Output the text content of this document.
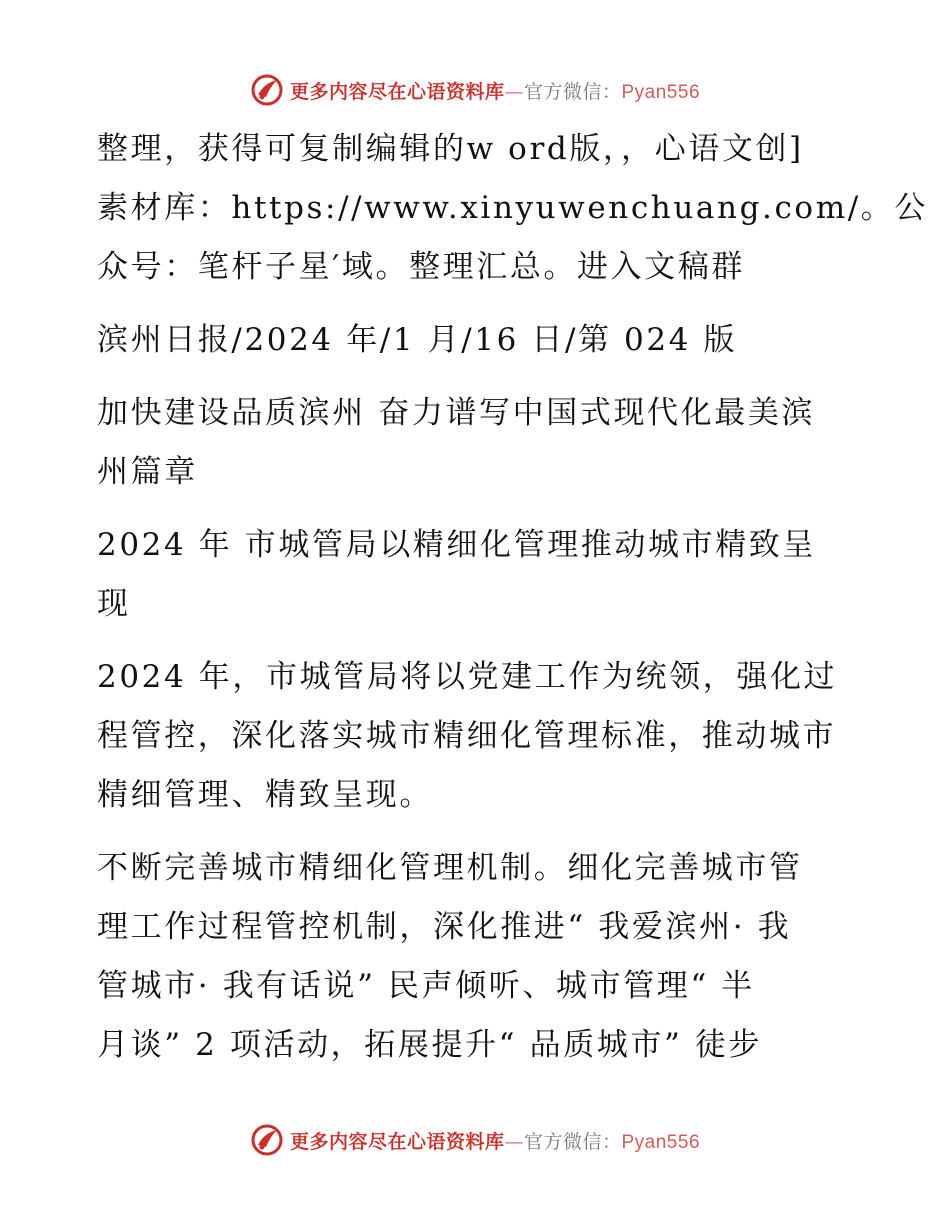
更多内容尽在心语资料库—官方微信：Pyan556

整理，获得可复制编辑的w ord版，，心语文创]
素材库：https://www.xinyuwenchuang.com/。公
众号：笔杆子星′域。整理汇总。进入文稿群

滨州日报/2024 年/1 月/16 日/第 024 版

加快建设品质滨州 奋力谱写中国式现代化最美滨
州篇章

2024 年 市城管局以精细化管理推动城市精致呈
现

2024 年，市城管局将以党建工作为统领，强化过
程管控，深化落实城市精细化管理标准，推动城市
精细管理、精致呈现。

不断完善城市精细化管理机制。细化完善城市管
理工作过程管控机制，深化推进“ 我爱滨州· 我
管城市· 我有话说” 民声倾听、城市管理“ 半
月谈” 2 项活动，拓展提升“ 品质城市” 徒步

更多内容尽在心语资料库—官方微信：Pyan556
